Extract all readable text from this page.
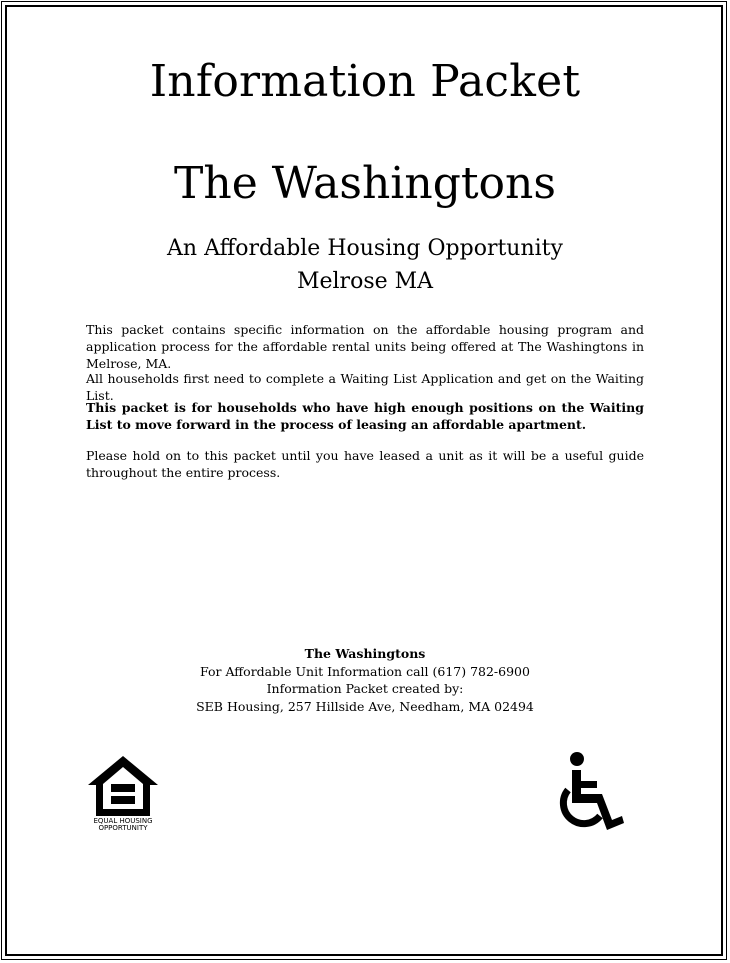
Information Packet
The Washingtons
An Affordable Housing Opportunity
Melrose MA

This packet contains specific information on the affordable housing program and application process for the affordable rental units being offered at The Washingtons in Melrose, MA.

All households first need to complete a Waiting List Application and get on the Waiting List.

This packet is for households who have high enough positions on the Waiting List to move forward in the process of leasing an affordable apartment.

Please hold on to this packet until you have leased a unit as it will be a useful guide throughout the entire process.

The Washingtons
For Affordable Unit Information call (617) 782-6900
Information Packet created by:
SEB Housing, 257 Hillside Ave, Needham, MA 02494
EQUAL HOUSING
OPPORTUNITY
